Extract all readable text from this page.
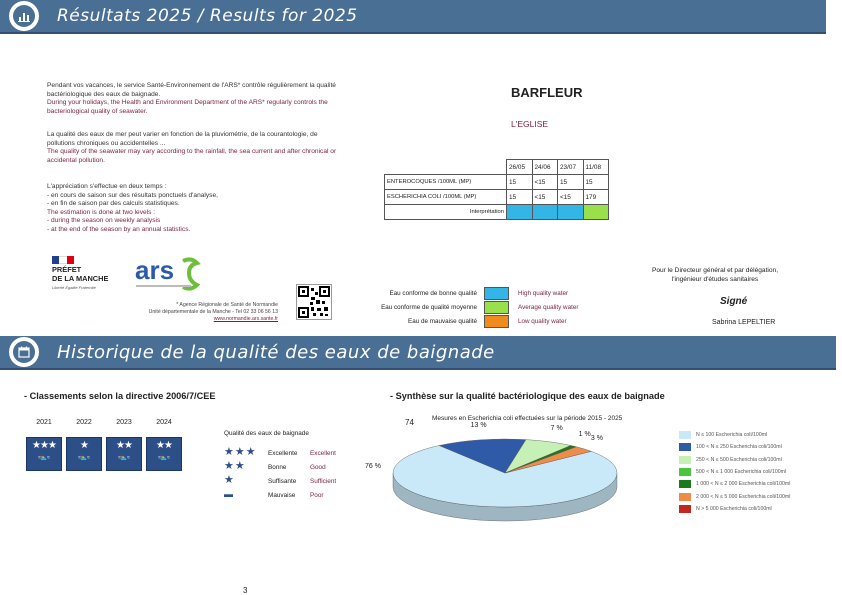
Résultats 2025 / Results for 2025
Pendant vos vacances, le service Santé-Environnement de l'ARS* contrôle régulièrement la qualité bactériologique des eaux de baignade.
During your holidays, the Health and Environment Department of the ARS* regularly controls the bacteriological quality of seawater.
La qualité des eaux de mer peut varier en fonction de la pluviométrie, de la courantologie, de pollutions chroniques ou accidentelles ...
The quality of the seawater may vary according to the rainfall, the sea current and after chronical or accidental pollution.
L'appréciation s'effectue en deux temps :
- en cours de saison sur des résultats ponctuels d'analyse,
- en fin de saison par des calculs statistiques.
The estimation is done at two levels :
- during the season on weekly analysis
- at the end of the season by an annual statistics.
BARFLEUR
L'EGLISE
	26/05	24/06	23/07	11/08
ENTEROCOQUES /100ML (MP)	15	<15	15	15
ESCHERICHIA COLI /100ML (MP)	15	<15	<15	179
Interprétation				
Eau conforme de bonne qualité	High quality water
Eau conforme de qualité moyenne	Average quality water
Eau de mauvaise qualité	Low quality water
Pour le Directeur général et par délégation,
l'ingénieur d'études sanitaires
Signé
Sabrina LEPELTIER
PRÉFET
DE LA MANCHE
Liberté Égalité Fraternité
ars
* Agence Régionale de Santé de Normandie
Unité départementale de la Manche - Tel 02 33 06 56 13
www.normandie.ars.sante.fr
Historique de la qualité des eaux de baignade
- Classements selon la directive 2006/7/CEE	- Synthèse sur la qualité bactériologique des eaux de baignade
2021
★★★
≈🏊≈
2022
★
≈🏊≈
2023
★★
≈🏊≈
2024
★★
≈🏊≈
Qualité des eaux de baignade
★★★ Excellente Excellent
★★	Bonne	Good
★	Suffisante Sufficient
▬	Mauvaise Poor
74	Mesures en Escherichia coli effectuées sur la période 2015 - 2025
76 %
13 %	7 %
1 %
3 %
N ≤ 100 Escherichia coli/100ml
100 < N ≤ 250 Escherichia coli/100ml
250 < N ≤ 500 Escherichia coli/100ml
500 < N ≤ 1 000 Escherichia coli/100ml
1 000 < N ≤ 2 000 Escherichia coli/100ml
2 000 < N ≤ 5 000 Escherichia coli/100ml
N > 5 000 Escherichia coli/100ml
3
